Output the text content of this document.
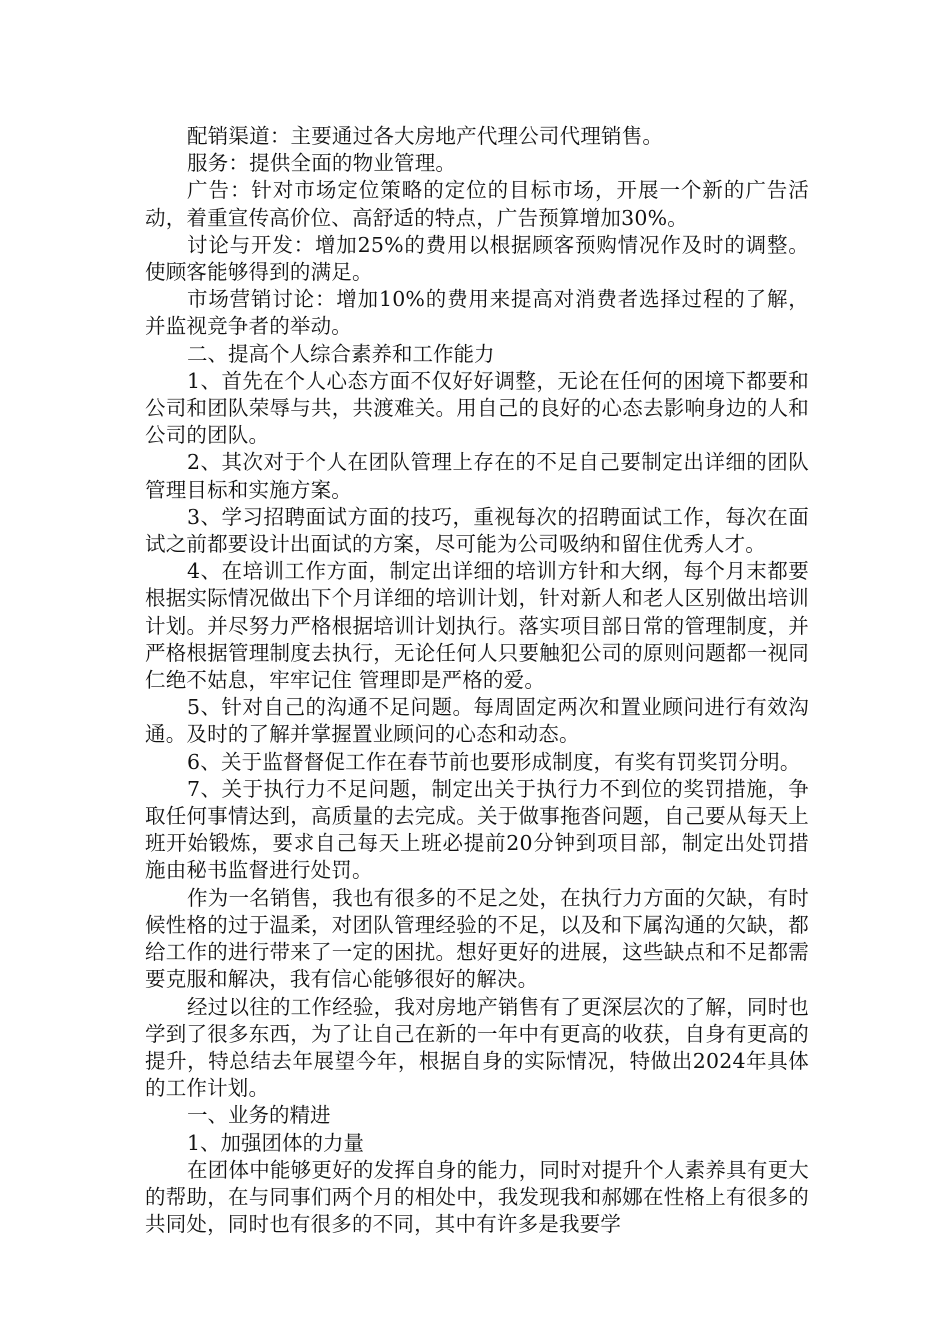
配销渠道：主要通过各大房地产代理公司代理销售。

服务：提供全面的物业管理。

广告：针对市场定位策略的定位的目标市场，开展一个新的广告活动，着重宣传高价位、高舒适的特点，广告预算增加30%。

讨论与开发：增加25%的费用以根据顾客预购情况作及时的调整。使顾客能够得到的满足。

市场营销讨论：增加10%的费用来提高对消费者选择过程的了解，并监视竞争者的举动。

二、提高个人综合素养和工作能力

1、首先在个人心态方面不仅好好调整，无论在任何的困境下都要和公司和团队荣辱与共，共渡难关。用自己的良好的心态去影响身边的人和公司的团队。

2、其次对于个人在团队管理上存在的不足自己要制定出详细的团队管理目标和实施方案。

3、学习招聘面试方面的技巧，重视每次的招聘面试工作，每次在面试之前都要设计出面试的方案，尽可能为公司吸纳和留住优秀人才。

4、在培训工作方面，制定出详细的培训方针和大纲，每个月末都要根据实际情况做出下个月详细的培训计划，针对新人和老人区别做出培训计划。并尽努力严格根据培训计划执行。落实项目部日常的管理制度，并严格根据管理制度去执行，无论任何人只要触犯公司的原则问题都一视同仁绝不姑息，牢牢记住 管理即是严格的爱。

5、针对自己的沟通不足问题。每周固定两次和置业顾问进行有效沟通。及时的了解并掌握置业顾问的心态和动态。

6、关于监督督促工作在春节前也要形成制度，有奖有罚奖罚分明。

7、关于执行力不足问题，制定出关于执行力不到位的奖罚措施，争取任何事情达到，高质量的去完成。关于做事拖沓问题，自己要从每天上班开始锻炼，要求自己每天上班必提前20分钟到项目部，制定出处罚措施由秘书监督进行处罚。

作为一名销售，我也有很多的不足之处，在执行力方面的欠缺，有时候性格的过于温柔，对团队管理经验的不足，以及和下属沟通的欠缺，都给工作的进行带来了一定的困扰。想好更好的进展，这些缺点和不足都需要克服和解决，我有信心能够很好的解决。

经过以往的工作经验，我对房地产销售有了更深层次的了解，同时也学到了很多东西，为了让自己在新的一年中有更高的收获，自身有更高的提升，特总结去年展望今年，根据自身的实际情况，特做出2024年具体的工作计划。

一、业务的精进

1、加强团体的力量

在团体中能够更好的发挥自身的能力，同时对提升个人素养具有更大的帮助，在与同事们两个月的相处中，我发现我和郝娜在性格上有很多的共同处，同时也有很多的不同，其中有许多是我要学
